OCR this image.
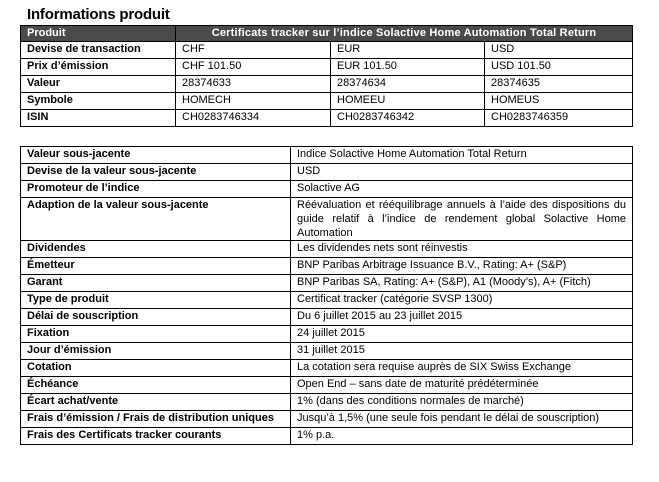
Informations produit
Produit	Certificats tracker sur l’indice Solactive Home Automation Total Return		
Devise de transaction	CHF	EUR	USD
Prix d’émission	CHF 101.50	EUR 101.50	USD 101.50
Valeur	28374633	28374634	28374635
Symbole	HOMECH	HOMEEU	HOMEUS
ISIN	CH0283746334	CH0283746342	CH0283746359
Valeur sous-jacente	Indice Solactive Home Automation Total Return
Devise de la valeur sous-jacente	USD
Promoteur de l’indice	Solactive AG
Adaption de la valeur sous-jacente	Réévaluation et rééquilibrage annuels à l’aide des dispositions du guide relatif à l’indice de rendement global Solactive Home Automation
Dividendes	Les dividendes nets sont réinvestis
Émetteur	BNP Paribas Arbitrage Issuance B.V., Rating: A+ (S&P)
Garant	BNP Paribas SA, Rating: A+ (S&P), A1 (Moody’s), A+ (Fitch)
Type de produit	Certificat tracker (catégorie SVSP 1300)
Délai de souscription	Du 6 juillet 2015 au 23 juillet 2015
Fixation	24 juillet 2015
Jour d’émission	31 juillet 2015
Cotation	La cotation sera requise auprès de SIX Swiss Exchange
Échéance	Open End – sans date de maturité prédéterminée
Écart achat/vente	1% (dans des conditions normales de marché)
Frais d’émission / Frais de distribution uniques	Jusqu’à 1,5% (une seule fois pendant le délai de souscription)
Frais des Certificats tracker courants	1% p.a.
